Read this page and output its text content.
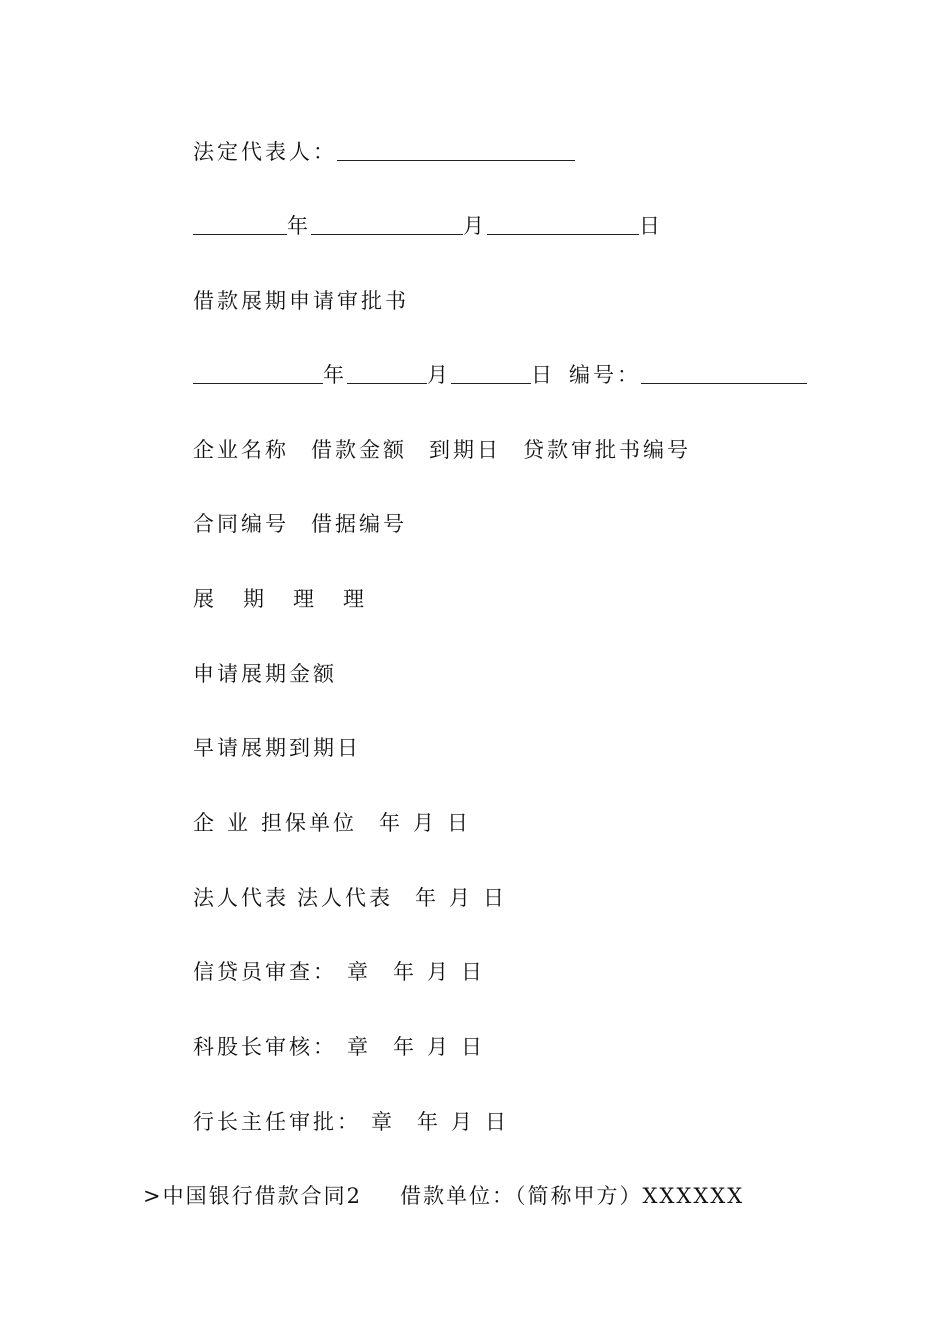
法定代表人：
年	月	日
借款展期申请审批书
年	月	日 编号：
企业名称 借款金额 到期日 贷款审批书编号
合同编号 借据编号
展 期 理 理
申请展期金额
早请展期到期日
企 业 担保单位 年 月 日
法人代表 法人代表 年 月 日
信贷员审查： 章 年 月 日
科股长审核： 章 年 月 日
行长主任审批： 章 年 月 日
>中国银行借款合同2 借款单位：（简称甲方）XXXXXX
